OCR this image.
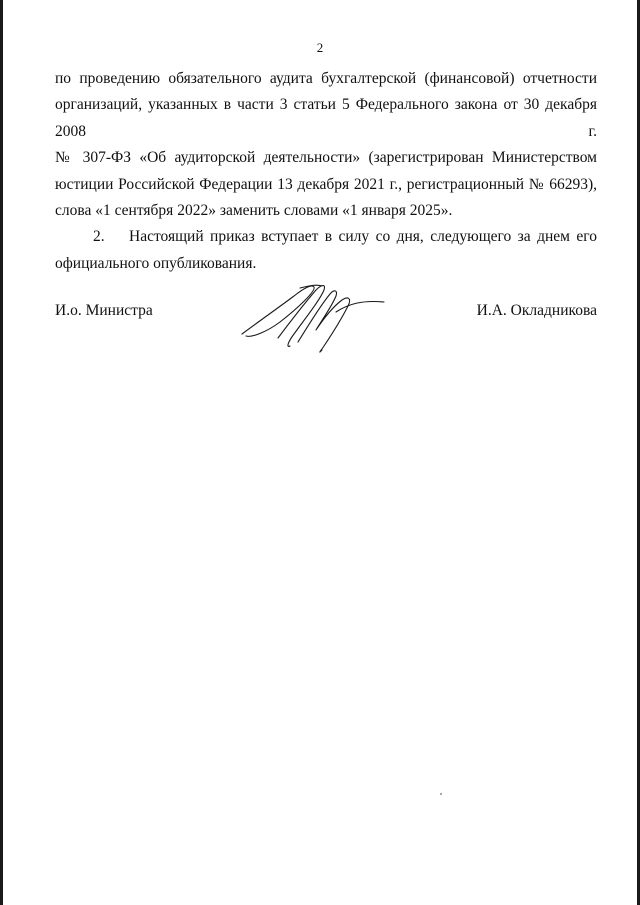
2
по проведению обязательного аудита бухгалтерской (финансовой) отчетности
организаций, указанных в части 3 статьи 5 Федерального закона от 30 декабря 2008 г.
№ 307-ФЗ «Об аудиторской деятельности» (зарегистрирован Министерством
юстиции Российской Федерации 13 декабря 2021 г., регистрационный № 66293),
слова «1 сентября 2022» заменить словами «1 января 2025».
2. Настоящий приказ вступает в силу со дня, следующего за днем его
официального опубликования.
И.о. Министра	И.А. Окладникова
